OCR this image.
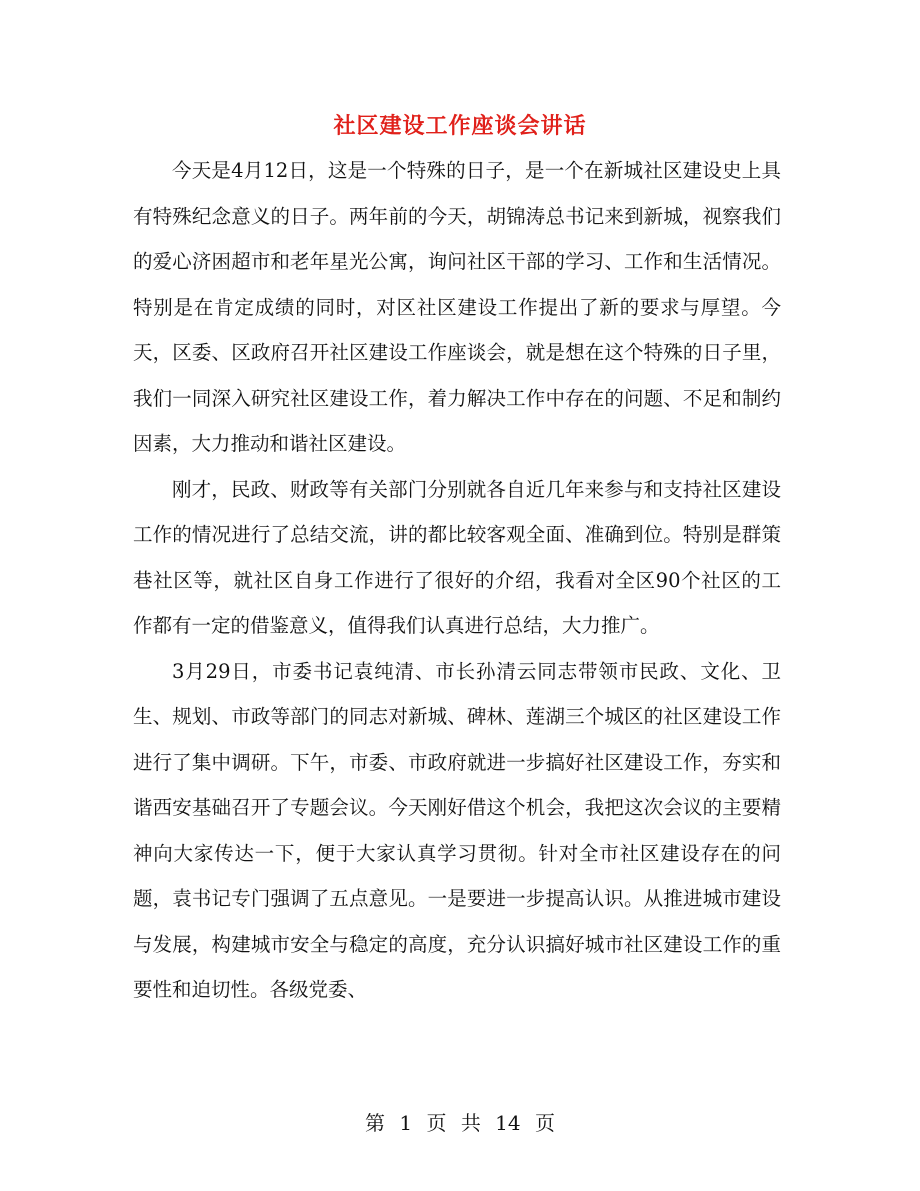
社区建设工作座谈会讲话

今天是4月12日，这是一个特殊的日子，是一个在新城社区建设史上具有特殊纪念意义的日子。两年前的今天，胡锦涛总书记来到新城，视察我们的爱心济困超市和老年星光公寓，询问社区干部的学习、工作和生活情况。特别是在肯定成绩的同时，对区社区建设工作提出了新的要求与厚望。今天，区委、区政府召开社区建设工作座谈会，就是想在这个特殊的日子里，我们一同深入研究社区建设工作，着力解决工作中存在的问题、不足和制约因素，大力推动和谐社区建设。

刚才，民政、财政等有关部门分别就各自近几年来参与和支持社区建设工作的情况进行了总结交流，讲的都比较客观全面、准确到位。特别是群策巷社区等，就社区自身工作进行了很好的介绍，我看对全区90个社区的工作都有一定的借鉴意义，值得我们认真进行总结，大力推广。

3月29日，市委书记袁纯清、市长孙清云同志带领市民政、文化、卫生、规划、市政等部门的同志对新城、碑林、莲湖三个城区的社区建设工作进行了集中调研。下午，市委、市政府就进一步搞好社区建设工作，夯实和谐西安基础召开了专题会议。今天刚好借这个机会，我把这次会议的主要精神向大家传达一下，便于大家认真学习贯彻。针对全市社区建设存在的问题，袁书记专门强调了五点意见。一是要进一步提高认识。从推进城市建设与发展，构建城市安全与稳定的高度，充分认识搞好城市社区建设工作的重要性和迫切性。各级党委、

第 1 页 共 14 页
